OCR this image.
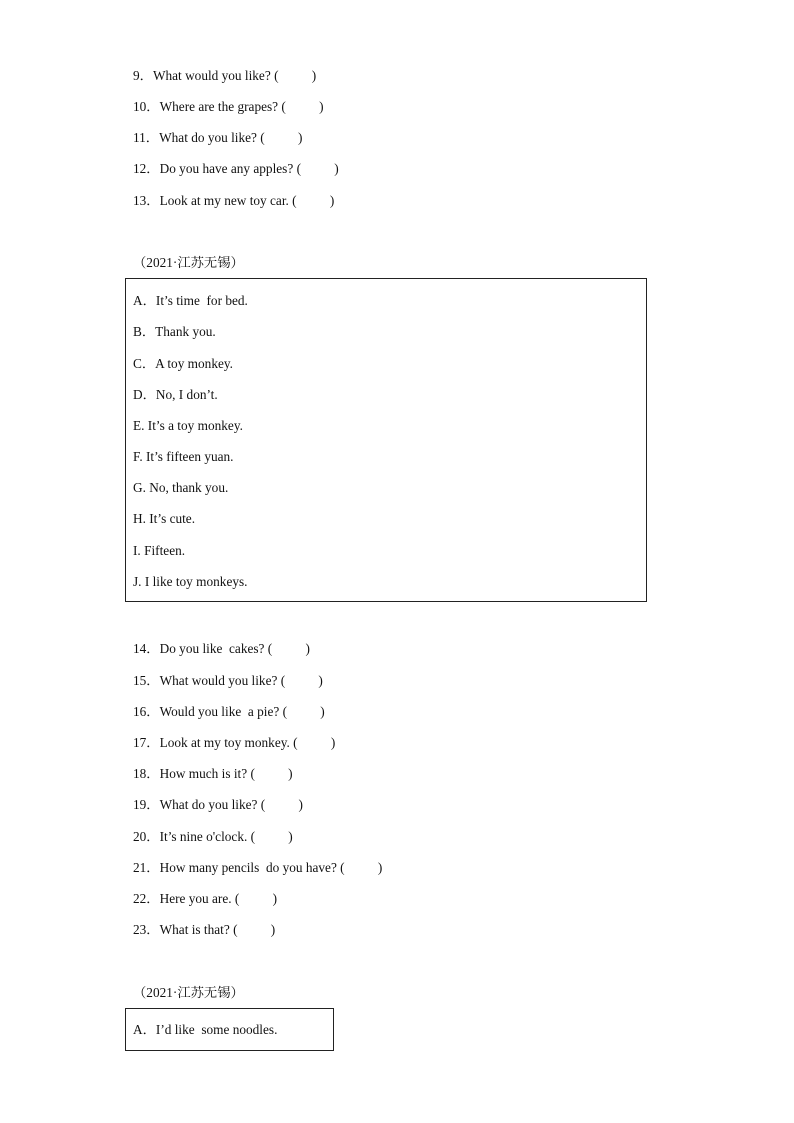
9．What would you like? (          )
10．Where are the grapes? (          )
11．What do you like? (          )
12．Do you have any apples? (          )
13．Look at my new toy car. (          )
（2021·江苏无锡）
A．It’s time  for bed.
B．Thank you.
C．A toy monkey.
D．No, I don’t.
E. It’s a toy monkey.
F. It’s fifteen yuan.
G. No, thank you.
H. It’s cute.
I. Fifteen.
J. I like toy monkeys.
14．Do you like  cakes? (          )
15．What would you like? (          )
16．Would you like  a pie? (          )
17．Look at my toy monkey. (          )
18．How much is it? (          )
19．What do you like? (          )
20．It’s nine o'clock. (          )
21．How many pencils  do you have? (          )
22．Here you are. (          )
23．What is that? (          )
（2021·江苏无锡）
A．I’d like  some noodles.
